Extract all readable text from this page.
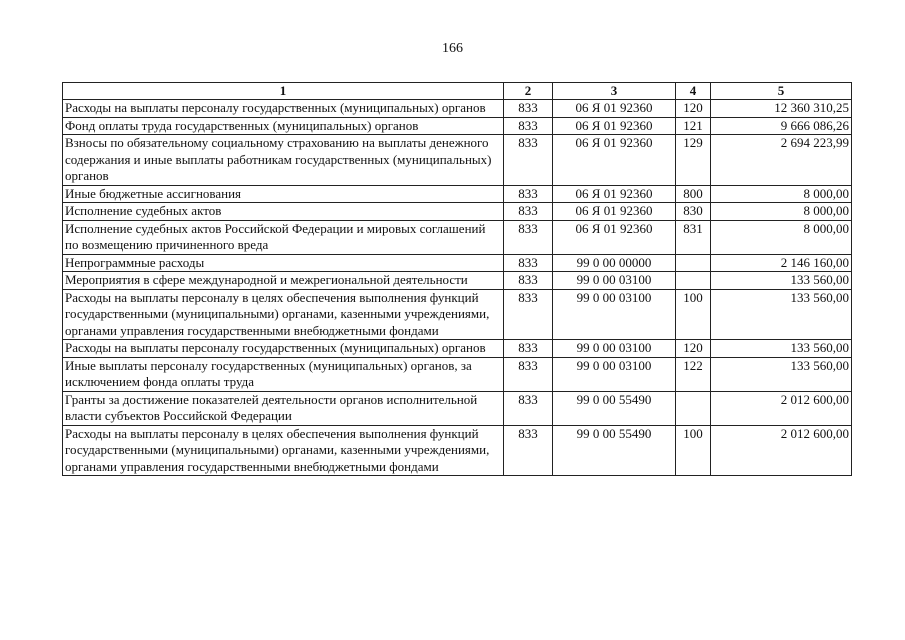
166
1	2	3	4	5
Расходы на выплаты персоналу государственных (муниципальных) органов	833	06 Я 01 92360	120	12 360 310,25
Фонд оплаты труда государственных (муниципальных) органов	833	06 Я 01 92360	121	9 666 086,26
Взносы по обязательному социальному страхованию на выплаты денежного содержания и иные выплаты работникам государственных (муниципальных) органов	833	06 Я 01 92360	129	2 694 223,99
Иные бюджетные ассигнования	833	06 Я 01 92360	800	8 000,00
Исполнение судебных актов	833	06 Я 01 92360	830	8 000,00
Исполнение судебных актов Российской Федерации и мировых соглашений по возмещению причиненного вреда	833	06 Я 01 92360	831	8 000,00
Непрограммные расходы	833	99 0 00 00000		2 146 160,00
Мероприятия в сфере международной и межрегиональной деятельности	833	99 0 00 03100		133 560,00
Расходы на выплаты персоналу в целях обеспечения выполнения функций государственными (муниципальными) органами, казенными учреждениями, органами управления государственными внебюджетными фондами	833	99 0 00 03100	100	133 560,00
Расходы на выплаты персоналу государственных (муниципальных) органов	833	99 0 00 03100	120	133 560,00
Иные выплаты персоналу государственных (муниципальных) органов, за исключением фонда оплаты труда	833	99 0 00 03100	122	133 560,00
Гранты за достижение показателей деятельности органов исполнительной власти субъектов Российской Федерации	833	99 0 00 55490		2 012 600,00
Расходы на выплаты персоналу в целях обеспечения выполнения функций государственными (муниципальными) органами, казенными учреждениями, органами управления государственными внебюджетными фондами	833	99 0 00 55490	100	2 012 600,00
